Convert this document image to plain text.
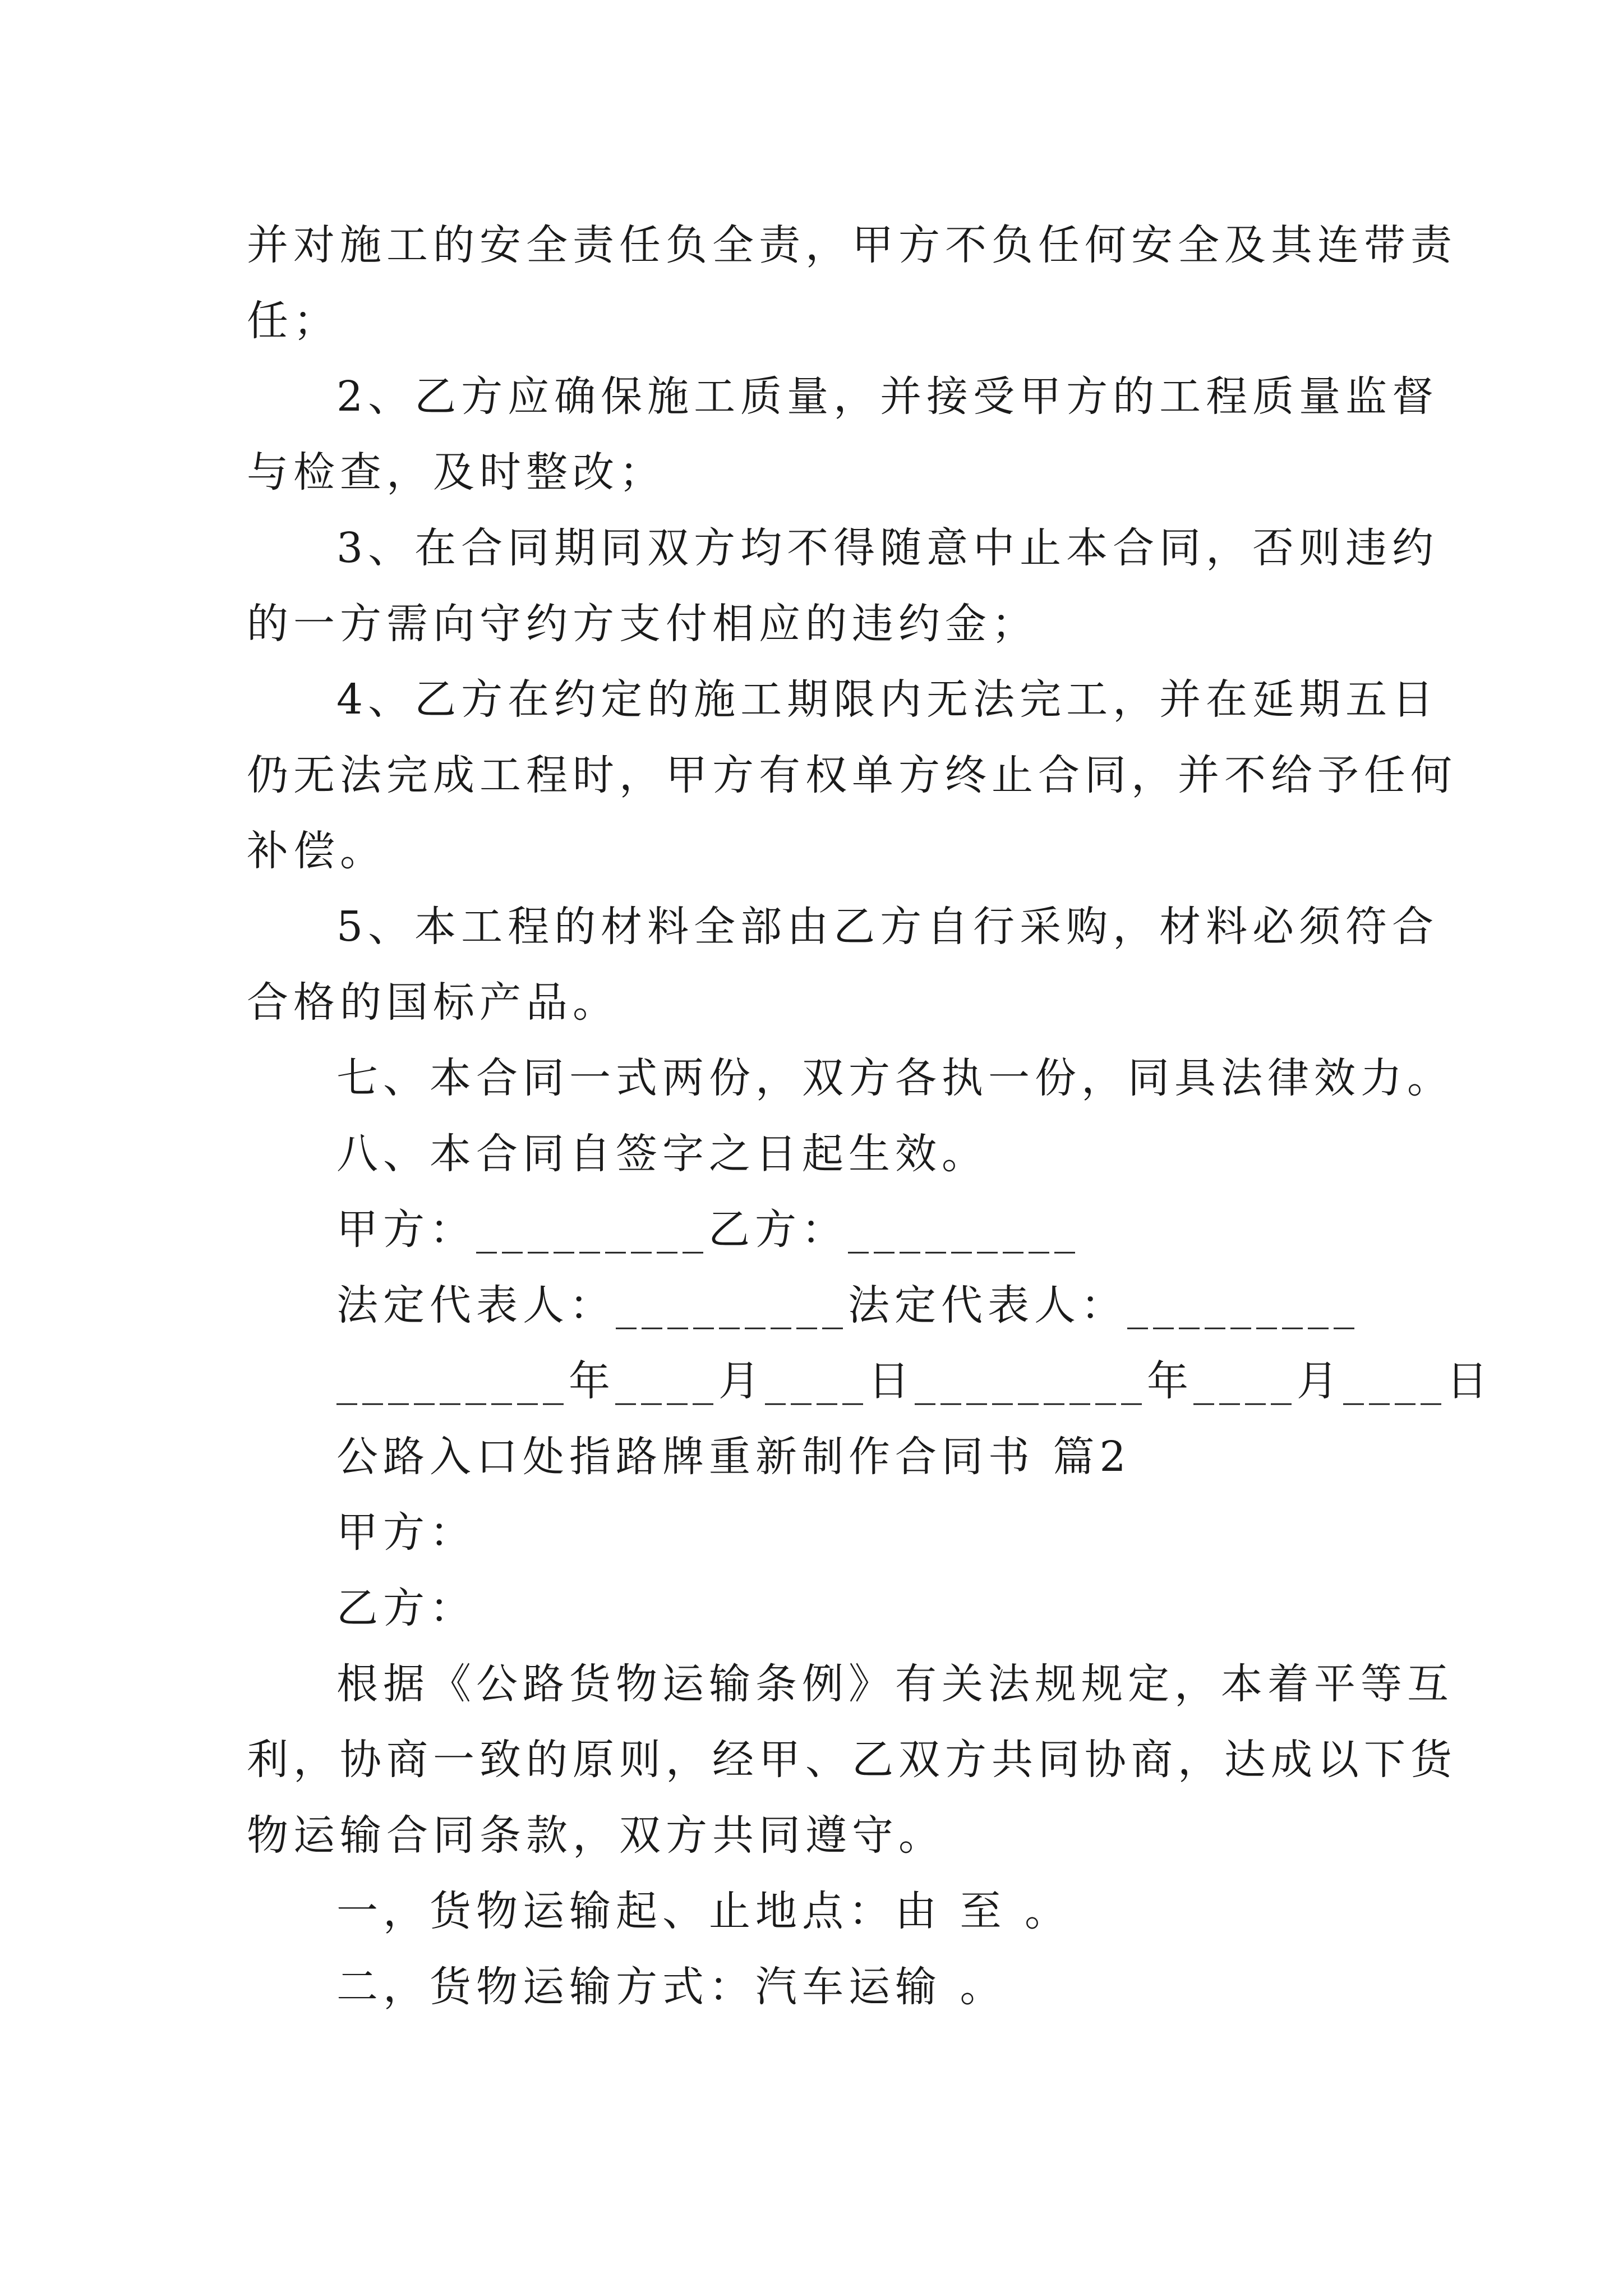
并对施工的安全责任负全责，甲方不负任何安全及其连带责
任；
2、乙方应确保施工质量，并接受甲方的工程质量监督
与检查，及时整改；
3、在合同期同双方均不得随意中止本合同，否则违约
的一方需向守约方支付相应的违约金；
4、乙方在约定的施工期限内无法完工，并在延期五日
仍无法完成工程时，甲方有权单方终止合同，并不给予任何
补偿。
5、本工程的材料全部由乙方自行采购，材料必须符合
合格的国标产品。
七、本合同一式两份，双方各执一份，同具法律效力。
八、本合同自签字之日起生效。
甲方：_________乙方：_________
法定代表人：_________法定代表人：_________
_________年____月____日_________年____月____日
公路入口处指路牌重新制作合同书 篇2
甲方：
乙方：
根据《公路货物运输条例》有关法规规定，本着平等互
利，协商一致的原则，经甲、乙双方共同协商，达成以下货
物运输合同条款，双方共同遵守。
一，货物运输起、止地点：由 至 。
二，货物运输方式：汽车运输 。
